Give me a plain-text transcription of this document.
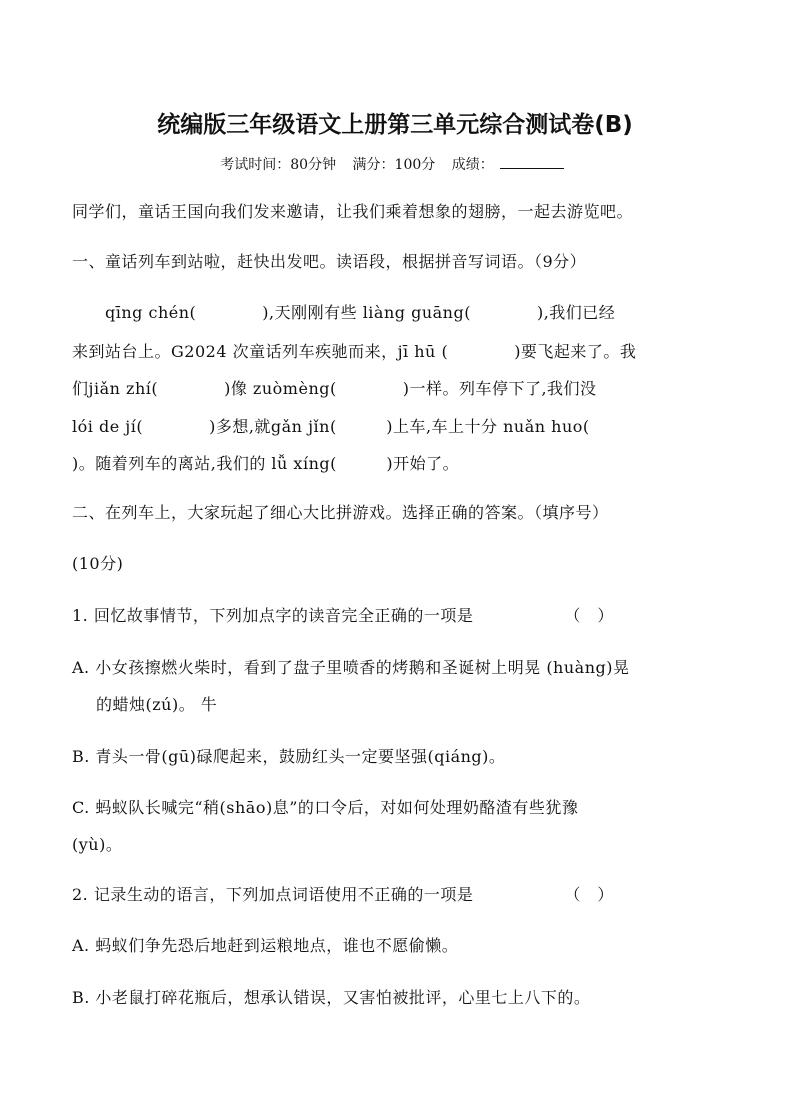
统编版三年级语文上册第三单元综合测试卷(B)
考试时间：80分钟 满分：100分 成绩：
同学们，童话王国向我们发来邀请，让我们乘着想象的翅膀，一起去游览吧。
一、童话列车到站啦，赶快出发吧。读语段，根据拼音写词语。（9分）
　　qīng chén(　　　　),天刚刚有些 liàng guāng(　　　　),我们已经
来到站台上。G2024 次童话列车疾驰而来，jī hū (　　　　)要飞起来了。我
们jiǎn zhí(　　　　)像 zuòmèng(　　　　)一样。列车停下了,我们没
lói de jí(　　　　)多想,就gǎn jǐn(　　　)上车,车上十分 nuǎn huo(
)。随着列车的离站,我们的 lǚ xíng(　　　)开始了。
二、在列车上，大家玩起了细心大比拼游戏。选择正确的答案。（填序号）
(10分)
1. 回忆故事情节，下列加点字的读音完全正确的一项是　　　　　　（　）
A. 小女孩擦燃火柴时，看到了盘子里喷香的烤鹅和圣诞树上明晃 (huàng)晃
的蜡烛(zú)。 牛
B. 青头一骨(gū)碌爬起来，鼓励红头一定要坚强(qiáng)。
C. 蚂蚁队长喊完“稍(shāo)息”的口令后，对如何处理奶酪渣有些犹豫
(yù)。
2. 记录生动的语言，下列加点词语使用不正确的一项是　　　　　　（　）
A. 蚂蚁们争先恐后地赶到运粮地点，谁也不愿偷懒。
B. 小老鼠打碎花瓶后，想承认错误，又害怕被批评，心里七上八下的。
